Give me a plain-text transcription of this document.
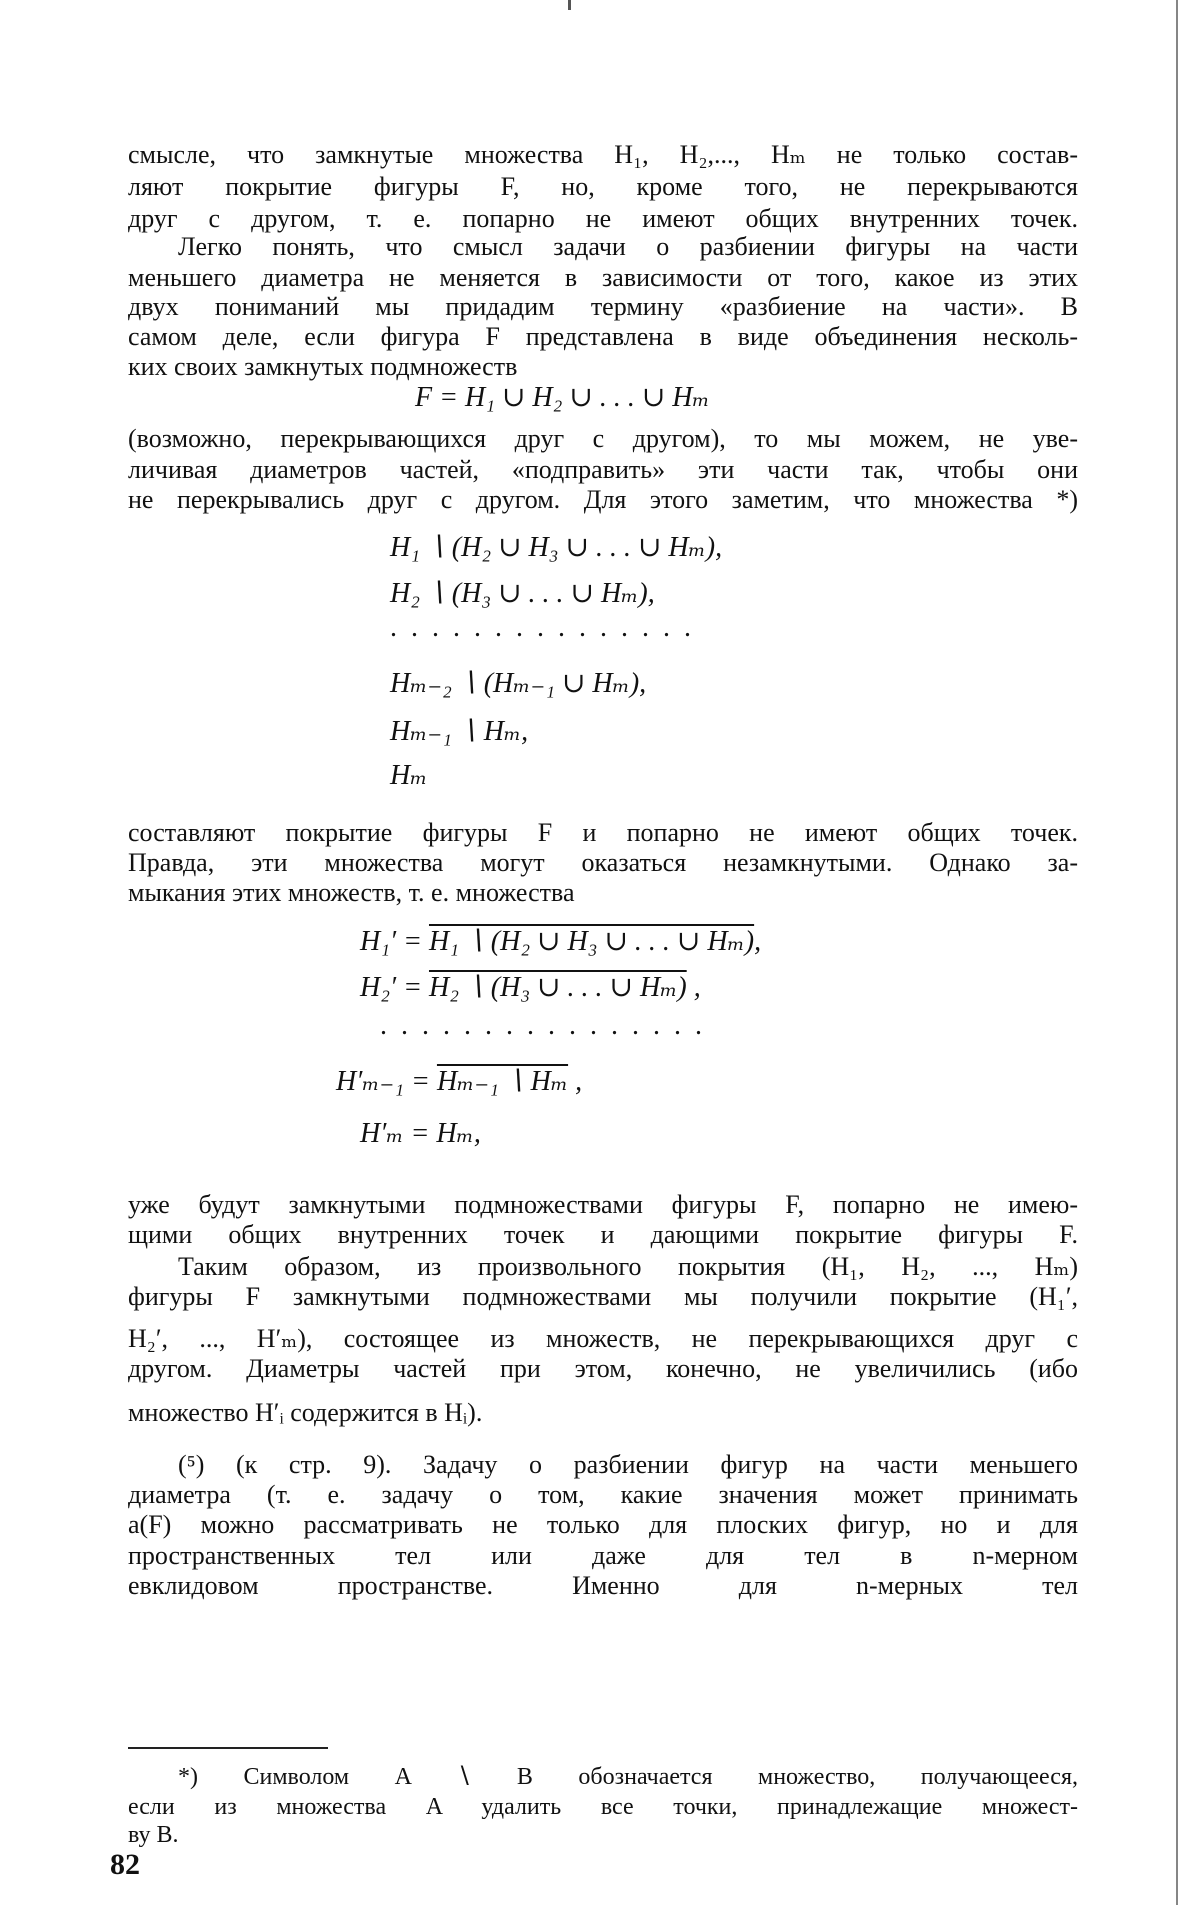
смысле, что замкнутые множества H₁, H₂,..., Hₘ не только состав-
ляют покрытие фигуры F, но, кроме того, не перекрываются
друг с другом, т. е. попарно не имеют общих внутренних точек.
Легко понять, что смысл задачи о разбиении фигуры на части
меньшего диаметра не меняется в зависимости от того, какое из этих
двух пониманий мы придадим термину «разбиение на части». В
самом деле, если фигура F представлена в виде объединения несколь-
ких своих замкнутых подмножеств
F = H₁ ∪ H₂ ∪ . . . ∪ Hₘ
(возможно, перекрывающихся друг с другом), то мы можем, не уве-
личивая диаметров частей, «подправить» эти части так, чтобы они
не перекрывались друг с другом. Для этого заметим, что множества *)
H₁ ∖ (H₂ ∪ H₃ ∪ . . . ∪ Hₘ),
H₂ ∖ (H₃ ∪ . . . ∪ Hₘ),
...............
Hₘ₋₂ ∖ (Hₘ₋₁ ∪ Hₘ),
Hₘ₋₁ ∖ Hₘ,
Hₘ
составляют покрытие фигуры F и попарно не имеют общих точек.
Правда, эти множества могут оказаться незамкнутыми. Однако за-
мыкания этих множеств, т. е. множества
H₁′ = H₁ ∖ (H₂ ∪ H₃ ∪ . . . ∪ Hₘ),
H₂′ = H₂ ∖ (H₃ ∪ . . . ∪ Hₘ) ,
................
H′ₘ₋₁ = Hₘ₋₁ ∖ Hₘ ,
H′ₘ = Hₘ,
уже будут замкнутыми подмножествами фигуры F, попарно не имею-
щими общих внутренних точек и дающими покрытие фигуры F.
Таким образом, из произвольного покрытия (H₁, H₂, ..., Hₘ)
фигуры F замкнутыми подмножествами мы получили покрытие (H₁′,
H₂′, ..., H′ₘ), состоящее из множеств, не перекрывающихся друг с
другом. Диаметры частей при этом, конечно, не увеличились (ибо
множество H′ᵢ содержится в Hᵢ).
(⁵) (к стр. 9). Задачу о разбиении фигур на части меньшего
диаметра (т. е. задачу о том, какие значения может принимать
a(F) можно рассматривать не только для плоских фигур, но и для
пространственных тел или даже для тел в n-мерном
евклидовом пространстве. Именно для n-мерных тел
*) Символом A ∖ B обозначается множество, получающееся,
если из множества A удалить все точки, принадлежащие множест-
ву B.
82
